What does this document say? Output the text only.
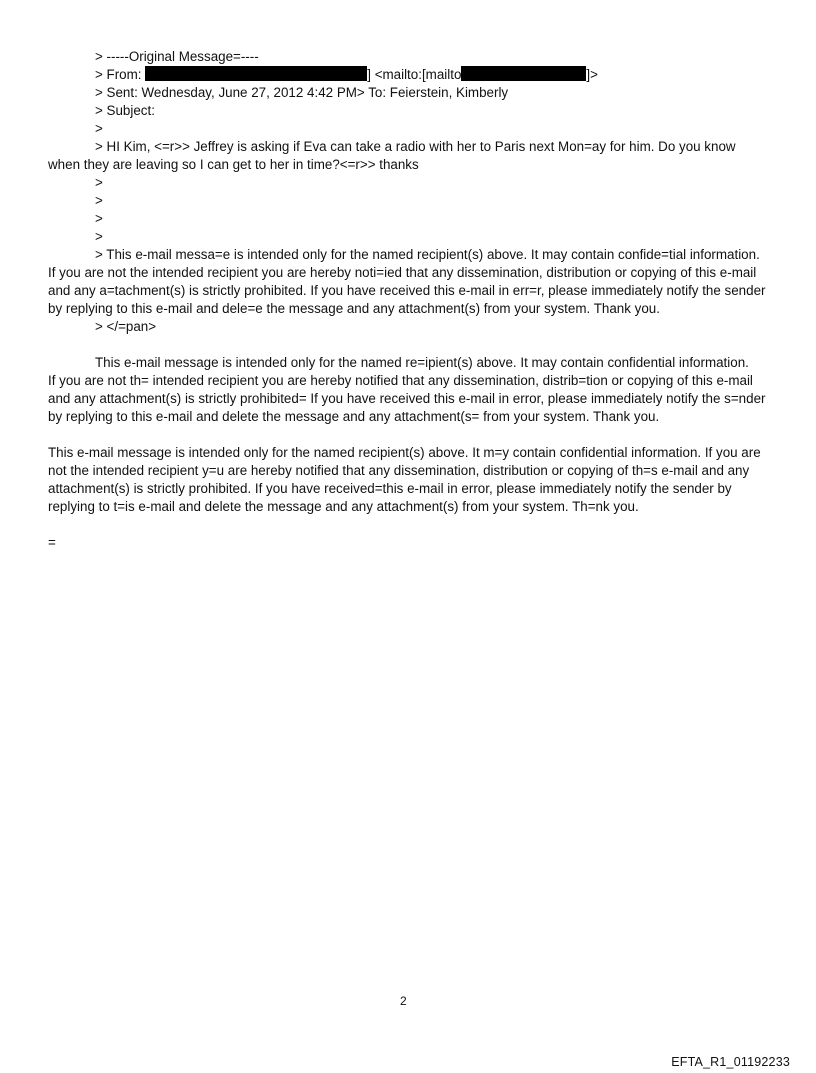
> -----Original Message=----
> From:	] <mailto:[mailto	]>
> Sent: Wednesday, June 27, 2012 4:42 PM> To: Feierstein, Kimberly
> Subject:
>
> HI Kim, <=r>> Jeffrey is asking if Eva can take a radio with her to Paris next Mon=ay for him. Do you know
when they are leaving so I can get to her in time?<=r>> thanks
>
>
>
>
> This e-mail messa=e is intended only for the named recipient(s) above. It may contain confide=tial information.
If you are not the intended recipient you are hereby noti=ied that any dissemination, distribution or copying of this e-mail and any a=tachment(s) is strictly prohibited. If you have received this e-mail in err=r, please immediately notify the sender by replying to this e-mail and dele=e the message and any attachment(s) from your system. Thank you.
> </=pan>
This e-mail message is intended only for the named re=ipient(s) above. It may contain confidential information.
If you are not th= intended recipient you are hereby notified that any dissemination, distrib=tion or copying of this e-mail and any attachment(s) is strictly prohibited= If you have received this e-mail in error, please immediately notify the s=nder by replying to this e-mail and delete the message and any attachment(s= from your system. Thank you.
This e-mail message is intended only for the named recipient(s) above. It m=y contain confidential information. If you are not the intended recipient y=u are hereby notified that any dissemination, distribution or copying of th=s e-mail and any attachment(s) is strictly prohibited. If you have received=this e-mail in error, please immediately notify the sender by replying to t=is e-mail and delete the message and any attachment(s) from your system. Th=nk you.
=
2
EFTA_R1_01192233
